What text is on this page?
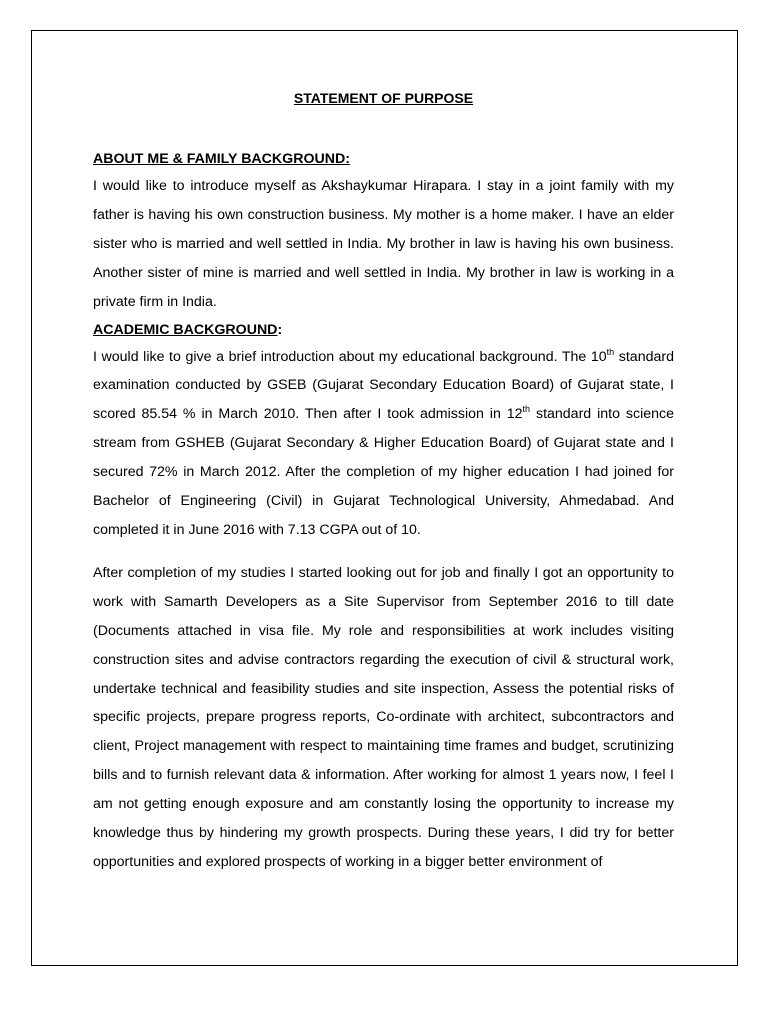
STATEMENT OF PURPOSE
ABOUT ME & FAMILY BACKGROUND:

I would like to introduce myself as Akshaykumar Hirapara. I stay in a joint family with my father is having his own construction business. My mother is a home maker. I have an elder sister who is married and well settled in India. My brother in law is having his own business. Another sister of mine is married and well settled in India. My brother in law is working in a private firm in India.

ACADEMIC BACKGROUND:

I would like to give a brief introduction about my educational background. The 10th standard examination conducted by GSEB (Gujarat Secondary Education Board) of Gujarat state, I scored 85.54 % in March 2010. Then after I took admission in 12th standard into science stream from GSHEB (Gujarat Secondary & Higher Education Board) of Gujarat state and I secured 72% in March 2012. After the completion of my higher education I had joined for Bachelor of Engineering (Civil) in Gujarat Technological University, Ahmedabad. And completed it in June 2016 with 7.13 CGPA out of 10.

After completion of my studies I started looking out for job and finally I got an opportunity to work with Samarth Developers as a Site Supervisor from September 2016 to till date (Documents attached in visa file. My role and responsibilities at work includes visiting construction sites and advise contractors regarding the execution of civil & structural work, undertake technical and feasibility studies and site inspection, Assess the potential risks of specific projects, prepare progress reports, Co-ordinate with architect, subcontractors and client, Project management with respect to maintaining time frames and budget, scrutinizing bills and to furnish relevant data & information. After working for almost 1 years now, I feel I am not getting enough exposure and am constantly losing the opportunity to increase my knowledge thus by hindering my growth prospects. During these years, I did try for better opportunities and explored prospects of working in a bigger better environment of
